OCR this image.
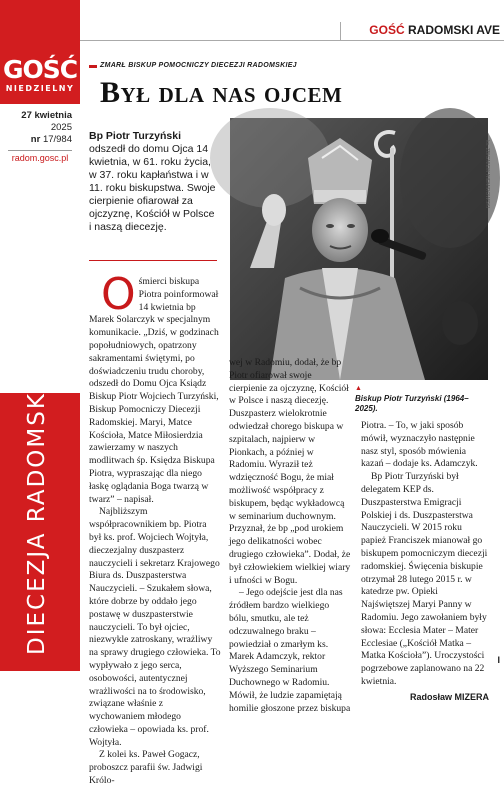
GOŚĆ
NIEDZIELNY
27 kwietnia
2025
nr 17/984
radom.gosc.pl
DIECEZJA RADOMSKA
GOŚĆ RADOMSKI AVE
ZMARŁ BISKUP POMOCNICZY DIECEZJI RADOMSKIEJ
Był dla nas ojcem
Bp Piotr Turzyński
odszedł do domu Ojca 14 kwietnia, w 61. roku życia, w 37. roku kapłaństwa i w 11. roku biskupstwa. Swoje cierpienie ofiarował za ojczyznę, Kościół w Polsce i naszą diecezję.
ks. ZBIGNIEW NIEMIROWSKI
▲
Biskup Piotr Turzyński (1964–2025).
O śmierci biskupa Piotra poinformował 14 kwietnia bp Marek Solarczyk w specjalnym komunikacie. „Dziś, w godzinach popołudniowych, opatrzony sakramentami świętymi, po doświadczeniu trudu choroby, odszedł do Domu Ojca Ksiądz Biskup Piotr Wojciech Turzyński, Biskup Pomocniczy Diecezji Radomskiej. Maryi, Matce Kościoła, Matce Miłosierdzia zawierzamy w naszych modlitwach śp. Księdza Biskupa Piotra, wypraszając dla niego łaskę oglądania Boga twarzą w twarz” – napisał.

Najbliższym współpracownikiem bp. Piotra był ks. prof. Wojciech Wojtyła, dieczezjalny duszpasterz nauczycieli i sekretarz Krajowego Biura ds. Duszpasterstwa Nauczycieli. – Szukałem słowa, które dobrze by oddało jego postawę w duszpasterstwie nauczycieli. To był ojciec, niezwykle zatroskany, wrażliwy na sprawy drugiego człowieka. To wypływało z jego serca, osobowości, autentycznej wrażliwości na to środowisko, związane właśnie z wychowaniem młodego człowieka – opowiada ks. prof. Wojtyła.

Z kolei ks. Paweł Gogacz, proboszcz parafii św. Jadwigi Królo-

wej w Radomiu, dodał, że bp Piotr ofiarował swoje cierpienie za ojczyznę, Kościół w Polsce i naszą diecezję. Duszpasterz wielokrotnie odwiedzał chorego biskupa w szpitalach, najpierw w Pionkach, a później w Radomiu. Wyraził też wdzięczność Bogu, że miał możliwość współpracy z biskupem, będąc wykładowcą w seminarium duchownym. Przyznał, że bp „pod urokiem jego delikatności wobec drugiego człowieka”. Dodał, że był człowiekiem wielkiej wiary i ufności w Bogu.

– Jego odejście jest dla nas źródłem bardzo wielkiego bólu, smutku, ale też odczuwalnego braku – powiedział o zmarłym ks. Marek Adamczyk, rektor Wyższego Seminarium Duchownego w Radomiu. Mówił, że ludzie zapamiętają homilie głoszone przez biskupa

Piotra. – To, w jaki sposób mówił, wyznaczyło następnie nasz styl, sposób mówienia kazań – dodaje ks. Adamczyk.

Bp Piotr Turzyński był delegatem KEP ds. Duszpasterstwa Emigracji Polskiej i ds. Duszpasterstwa Nauczycieli. W 2015 roku papież Franciszek mianował go biskupem pomocniczym diecezji radomskiej. Święcenia biskupie otrzymał 28 lutego 2015 r. w katedrze pw. Opieki Najświętszej Maryi Panny w Radomiu. Jego zawołaniem były słowa: Ecclesia Mater – Mater Ecclesiae („Kościół Matka – Matka Kościoła”). Uroczystości pogrzebowe zaplanowano na 22 kwietnia.

Radosław MIZERA
I
